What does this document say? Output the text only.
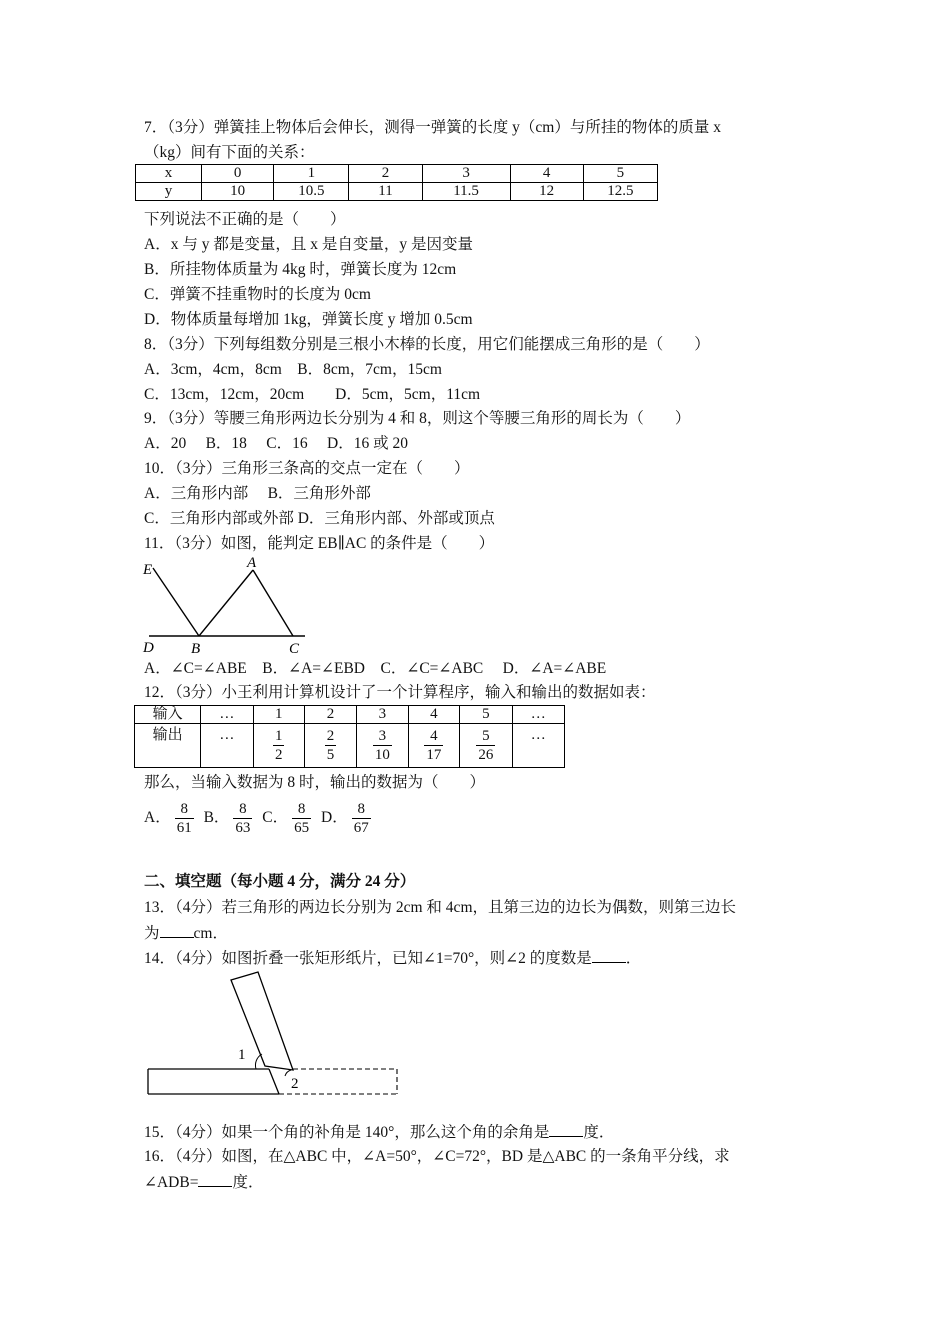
7．（3分）弹簧挂上物体后会伸长，测得一弹簧的长度 y（cm）与所挂的物体的质量 x
（kg）间有下面的关系：
x	0	1	2	3	4	5
y	10	10.5	11	11.5	12	12.5
下列说法不正确的是（　　）
A．x 与 y 都是变量，且 x 是自变量，y 是因变量
B．所挂物体质量为 4kg 时，弹簧长度为 12cm
C．弹簧不挂重物时的长度为 0cm
D．物体质量每增加 1kg，弹簧长度 y 增加 0.5cm
8．（3分）下列每组数分别是三根小木棒的长度，用它们能摆成三角形的是（　　）
A．3cm，4cm，8cm　B．8cm，7cm，15cm
C．13cm，12cm，20cm　　D．5cm，5cm，11cm
9．（3分）等腰三角形两边长分别为 4 和 8，则这个等腰三角形的周长为（　　）
A．20　 B．18　 C．16　 D．16 或 20
10．（3分）三角形三条高的交点一定在（　　）
A．三角形内部　 B．三角形外部
C．三角形内部或外部 D．三角形内部、外部或顶点
11．（3分）如图，能判定 EB∥AC 的条件是（　　）
E	A
D B	C
A．∠C=∠ABE　B．∠A=∠EBD　C．∠C=∠ABC　 D．∠A=∠ABE
12．（3分）小王利用计算机设计了一个计算程序，输入和输出的数据如表：
输入	…	1	2	3	4	5	…
输出	…	$\frac{1}{2}$	$\frac{2}{5}$	$\frac{3}{10}$	$\frac{4}{17}$	$\frac{5}{26}$	…
那么，当输入数据为 8 时，输出的数据为（　　）
A． $\frac{8}{61}$ B． $\frac{8}{63}$ C． $\frac{8}{65}$ D． $\frac{8}{67}$
二、填空题（每小题 4 分，满分 24 分）
13．（4分）若三角形的两边长分别为 2cm 和 4cm，且第三边的边长为偶数，则第三边长
为 cm．
14．（4分）如图折叠一张矩形纸片，已知∠1=70°，则∠2 的度数是 ．
1
2
15．（4分）如果一个角的补角是 140°，那么这个角的余角是 度．
16．（4分）如图，在△ABC 中，∠A=50°，∠C=72°，BD 是△ABC 的一条角平分线，求
∠ADB= 度．
